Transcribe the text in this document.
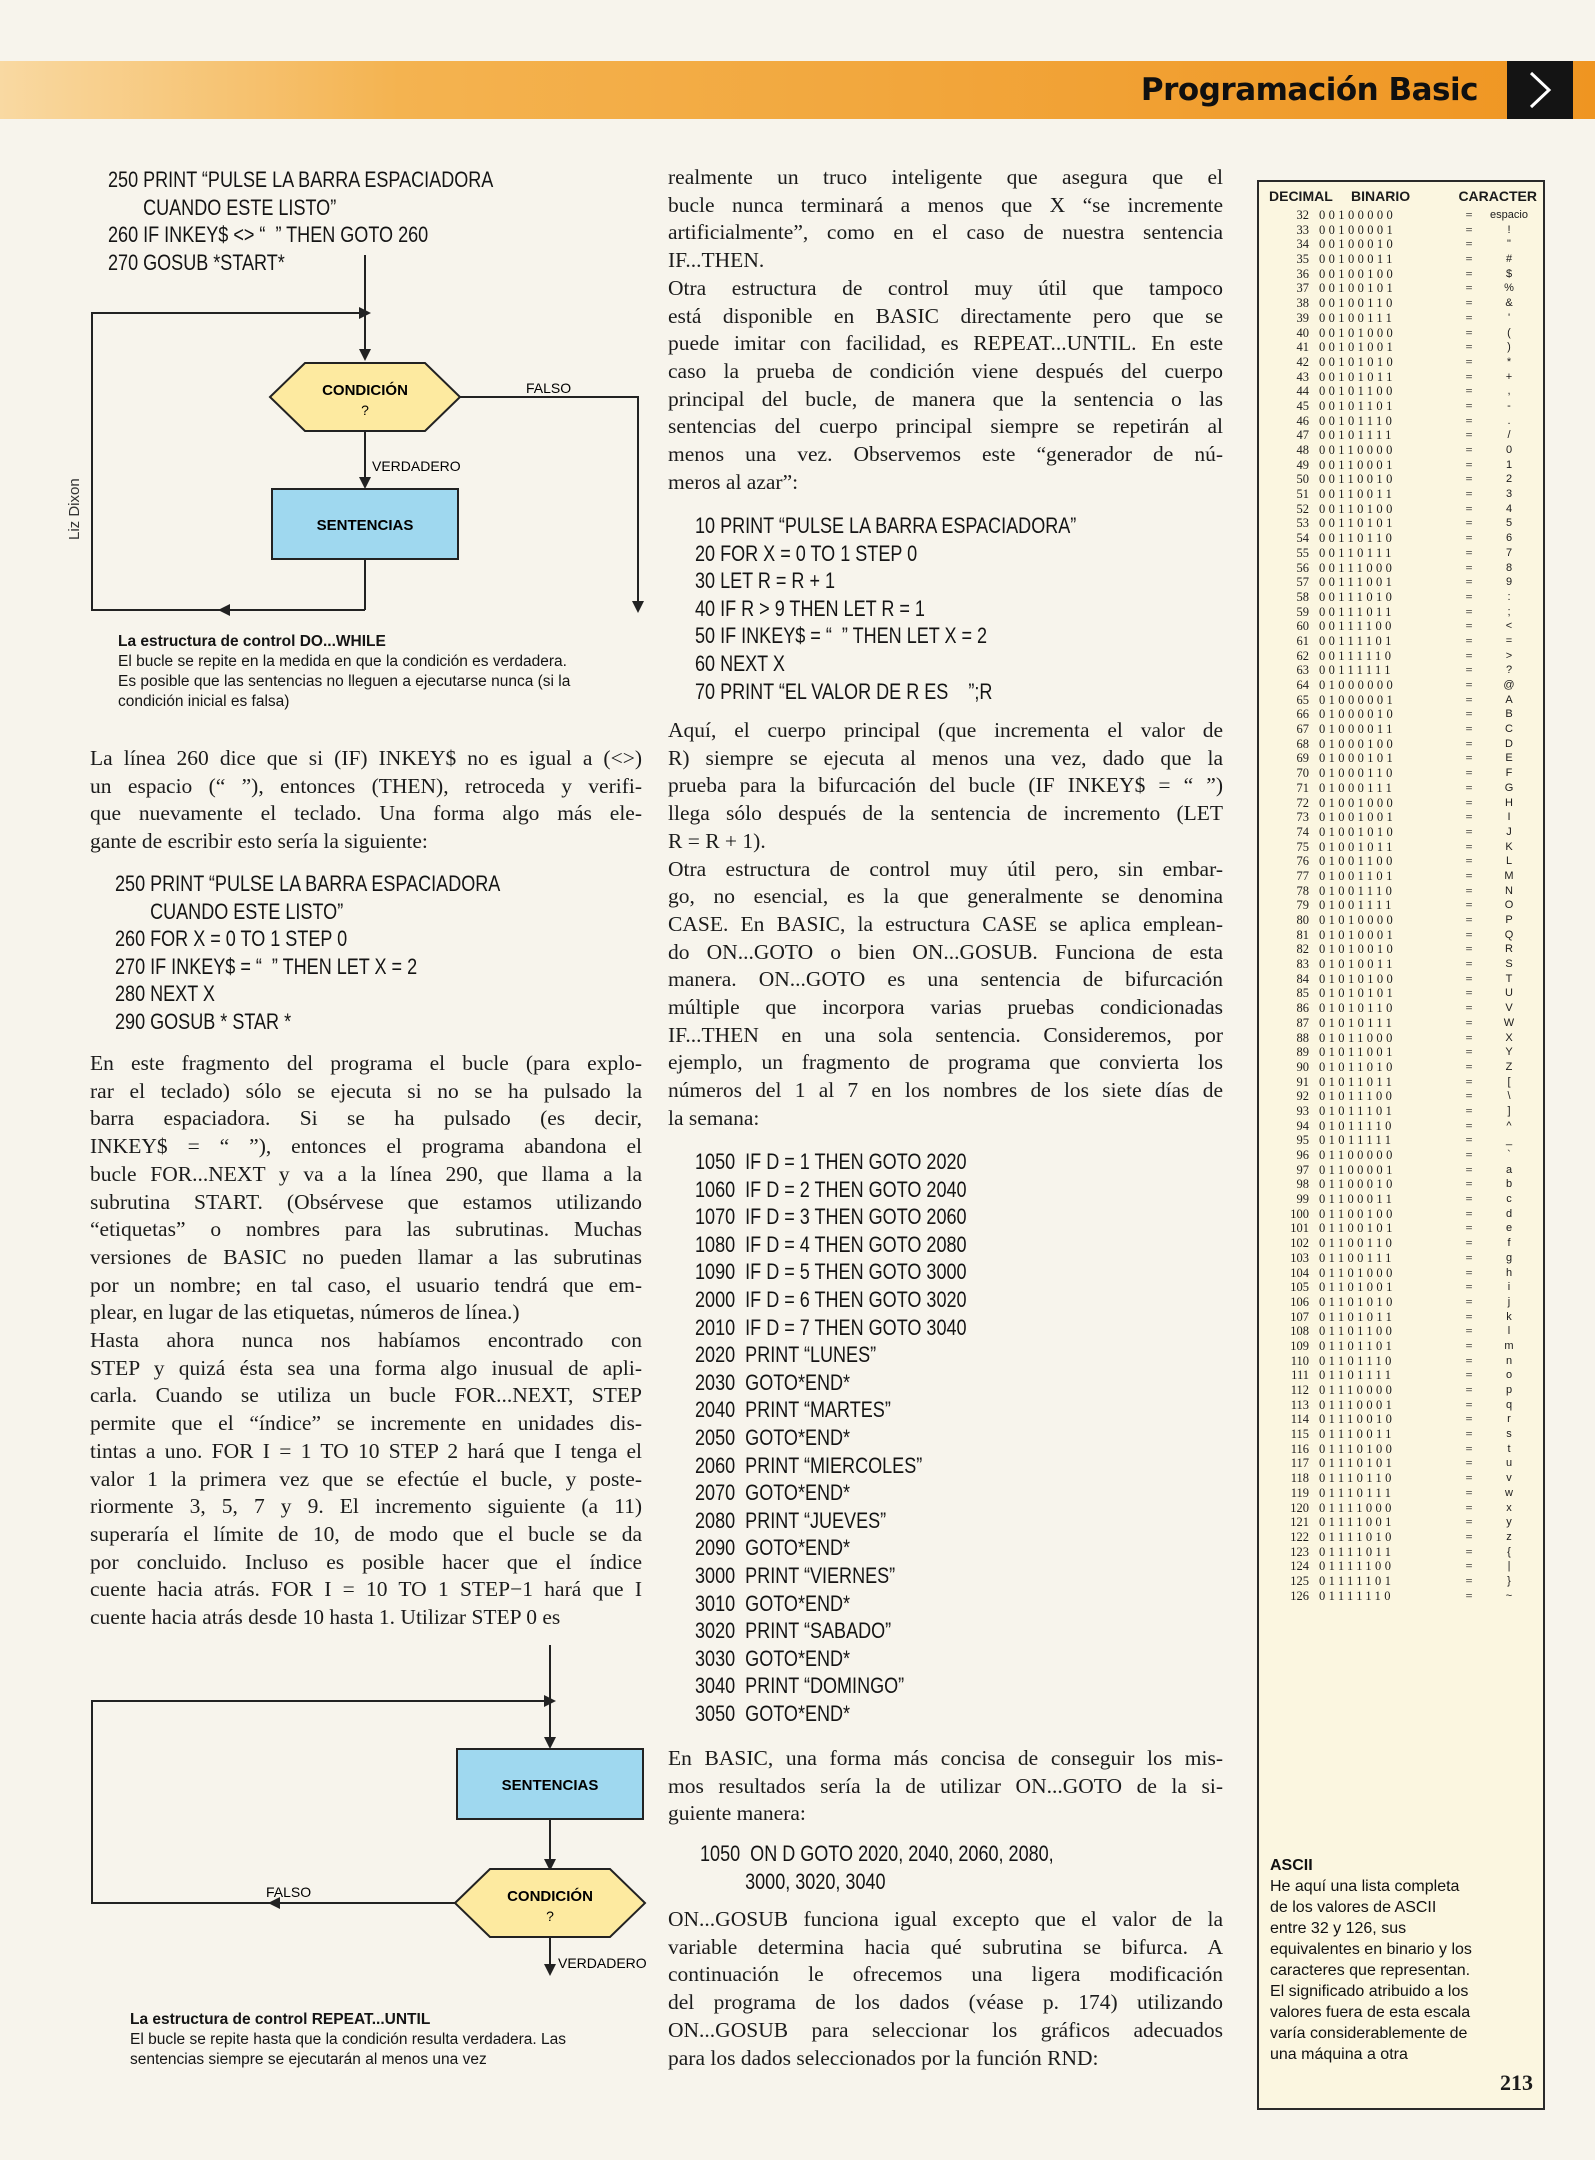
Programación Basic
250 PRINT “PULSE LA BARRA ESPACIADORA
CUANDO ESTE LISTO”
260 IF INKEY$ <> “  ” THEN GOTO 260
270 GOSUB *START*
CONDICIÓN
?
FALSO
VERDADERO
SENTENCIAS
Liz Dixon
La estructura de control DO...WHILE
El bucle se repite en la medida en que la condición es verdadera.
Es posible que las sentencias no lleguen a ejecutarse nunca (si la
condición inicial es falsa)
La línea 260 dice que si (IF) INKEY$ no es igual a (<>)
un espacio (“ ”), entonces (THEN), retroceda y verifi-
que nuevamente el teclado. Una forma algo más ele-
gante de escribir esto sería la siguiente:
250 PRINT “PULSE LA BARRA ESPACIADORA
CUANDO ESTE LISTO”
260 FOR X = 0 TO 1 STEP 0
270 IF INKEY$ = “  ” THEN LET X = 2
280 NEXT X
290 GOSUB * STAR *
En este fragmento del programa el bucle (para explo-
rar el teclado) sólo se ejecuta si no se ha pulsado la
barra espaciadora. Si se ha pulsado (es decir,
INKEY$ = “ ”), entonces el programa abandona el
bucle FOR...NEXT y va a la línea 290, que llama a la
subrutina START. (Obsérvese que estamos utilizando
“etiquetas” o nombres para las subrutinas. Muchas
versiones de BASIC no pueden llamar a las subrutinas
por un nombre; en tal caso, el usuario tendrá que em-
plear, en lugar de las etiquetas, números de línea.)
Hasta ahora nunca nos habíamos encontrado con
STEP y quizá ésta sea una forma algo inusual de apli-
carla. Cuando se utiliza un bucle FOR...NEXT, STEP
permite que el “índice” se incremente en unidades dis-
tintas a uno. FOR I = 1 TO 10 STEP 2 hará que I tenga el
valor 1 la primera vez que se efectúe el bucle, y poste-
riormente 3, 5, 7 y 9. El incremento siguiente (a 11)
superaría el límite de 10, de modo que el bucle se da
por concluido. Incluso es posible hacer que el índice
cuente hacia atrás. FOR I = 10 TO 1 STEP−1 hará que I
cuente hacia atrás desde 10 hasta 1. Utilizar STEP 0 es
SENTENCIAS
CONDICIÓN
?
FALSO
VERDADERO
La estructura de control REPEAT...UNTIL
El bucle se repite hasta que la condición resulta verdadera. Las
sentencias siempre se ejecutarán al menos una vez
realmente un truco inteligente que asegura que el
bucle nunca terminará a menos que X “se incremente
artificialmente”, como en el caso de nuestra sentencia
IF...THEN.
Otra estructura de control muy útil que tampoco
está disponible en BASIC directamente pero que se
puede imitar con facilidad, es REPEAT...UNTIL. En este
caso la prueba de condición viene después del cuerpo
principal del bucle, de manera que la sentencia o las
sentencias del cuerpo principal siempre se repetirán al
menos una vez. Observemos este “generador de nú-
meros al azar”:
10 PRINT “PULSE LA BARRA ESPACIADORA”
20 FOR X = 0 TO 1 STEP 0
30 LET R = R + 1
40 IF R > 9 THEN LET R = 1
50 IF INKEY$ = “  ” THEN LET X = 2
60 NEXT X
70 PRINT “EL VALOR DE R ES    ”;R
Aquí, el cuerpo principal (que incrementa el valor de
R) siempre se ejecuta al menos una vez, dado que la
prueba para la bifurcación del bucle (IF INKEY$ = “ ”)
llega sólo después de la sentencia de incremento (LET
R = R + 1).
Otra estructura de control muy útil pero, sin embar-
go, no esencial, es la que generalmente se denomina
CASE. En BASIC, la estructura CASE se aplica emplean-
do ON...GOTO o bien ON...GOSUB. Funciona de esta
manera. ON...GOTO es una sentencia de bifurcación
múltiple que incorpora varias pruebas condicionadas
IF...THEN en una sola sentencia. Consideremos, por
ejemplo, un fragmento de programa que convierta los
números del 1 al 7 en los nombres de los siete días de
la semana:
1050  IF D = 1 THEN GOTO 2020
1060  IF D = 2 THEN GOTO 2040
1070  IF D = 3 THEN GOTO 2060
1080  IF D = 4 THEN GOTO 2080
1090  IF D = 5 THEN GOTO 3000
2000  IF D = 6 THEN GOTO 3020
2010  IF D = 7 THEN GOTO 3040
2020  PRINT “LUNES”
2030  GOTO*END*
2040  PRINT “MARTES”
2050  GOTO*END*
2060  PRINT “MIERCOLES”
2070  GOTO*END*
2080  PRINT “JUEVES”
2090  GOTO*END*
3000  PRINT “VIERNES”
3010  GOTO*END*
3020  PRINT “SABADO”
3030  GOTO*END*
3040  PRINT “DOMINGO”
3050  GOTO*END*
En BASIC, una forma más concisa de conseguir los mis-
mos resultados sería la de utilizar ON...GOTO de la si-
guiente manera:
1050  ON D GOTO 2020, 2040, 2060, 2080,
3000, 3020, 3040
ON...GOSUB funciona igual excepto que el valor de la
variable determina hacia qué subrutina se bifurca. A
continuación le ofrecemos una ligera modificación
del programa de los dados (véase p. 174) utilizando
ON...GOSUB para seleccionar los gráficos adecuados
para los dados seleccionados por la función RND:
DECIMAL BINARIO	CARACTER
32 00100000	=	espacio
33 00100001	=	!
34 00100010	=	"
35 00100011	=	#
36 00100100	=	$
37 00100101	=	%
38 00100110	=	&
39 00100111	=	'
40 00101000	=	(
41 00101001	=	)
42 00101010	=	*
43 00101011	=	+
44 00101100	=	,
45 00101101	=	-
46 00101110	=	.
47 00101111	=	/
48 00110000	=	0
49 00110001	=	1
50 00110010	=	2
51 00110011	=	3
52 00110100	=	4
53 00110101	=	5
54 00110110	=	6
55 00110111	=	7
56 00111000	=	8
57 00111001	=	9
58 00111010	=	:
59 00111011	=	;
60 00111100	=	<
61 00111101	=	=
62 00111110	=	>
63 00111111	=	?
64 01000000	=	@
65 01000001	=	A
66 01000010	=	B
67 01000011	=	C
68 01000100	=	D
69 01000101	=	E
70 01000110	=	F
71 01000111	=	G
72 01001000	=	H
73 01001001	=	I
74 01001010	=	J
75 01001011	=	K
76 01001100	=	L
77 01001101	=	M
78 01001110	=	N
79 01001111	=	O
80 01010000	=	P
81 01010001	=	Q
82 01010010	=	R
83 01010011	=	S
84 01010100	=	T
85 01010101	=	U
86 01010110	=	V
87 01010111	=	W
88 01011000	=	X
89 01011001	=	Y
90 01011010	=	Z
91 01011011	=	[
92 01011100	=	\
93 01011101	=	]
94 01011110	=	^
95 01011111	=	_
96 01100000	=	`
97 01100001	=	a
98 01100010	=	b
99 01100011	=	c
100 01100100	=	d
101 01100101	=	e
102 01100110	=	f
103 01100111	=	g
104 01101000	=	h
105 01101001	=	i
106 01101010	=	j
107 01101011	=	k
108 01101100	=	l
109 01101101	=	m
110 01101110	=	n
111 01101111	=	o
112 01110000	=	p
113 01110001	=	q
114 01110010	=	r
115 01110011	=	s
116 01110100	=	t
117 01110101	=	u
118 01110110	=	v
119 01110111	=	w
120 01111000	=	x
121 01111001	=	y
122 01111010	=	z
123 01111011	=	{
124 01111100	=	|
125 01111101	=	}
126 01111110	=	~
ASCII
He aquí una lista completa
de los valores de ASCII
entre 32 y 126, sus
equivalentes en binario y los
caracteres que representan.
El significado atribuido a los
valores fuera de esta escala
varía considerablemente de
una máquina a otra
213
